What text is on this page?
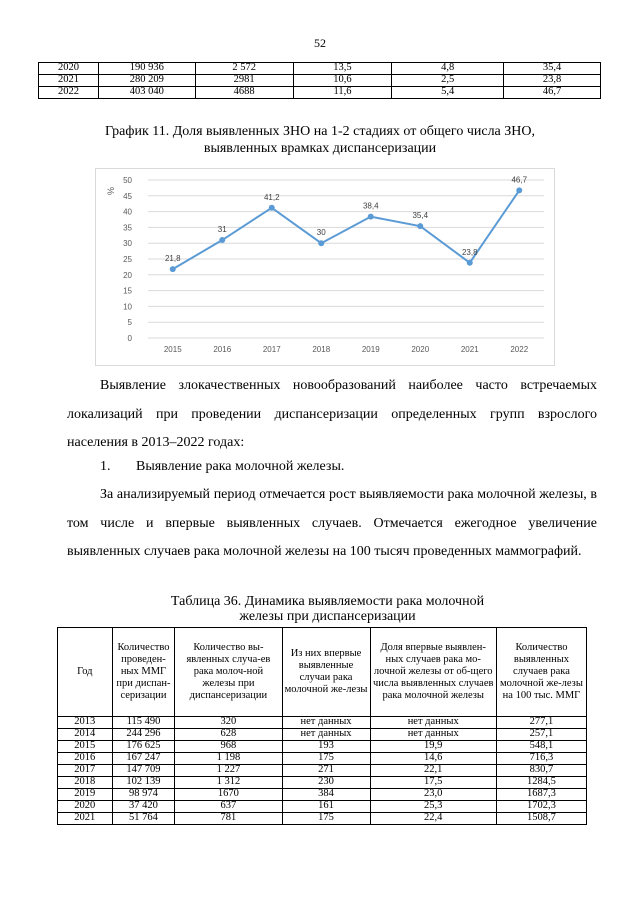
52
2020	190 936	2 572	13,5	4,8	35,4
2021	280 209	2981	10,6	2,5	23,8
2022	403 040	4688	11,6	5,4	46,7
График 11. Доля выявленных ЗНО на 1-2 стадиях от общего числа ЗНО,
выявленных врамках диспансеризации
0
5
10
15
20
25
30
35
40
45
50
%
2015	2016	2017	2018	2019	2020	2021	2022
21,8
31
41,2
30
38,4
35,4
23,8
46,7
Выявление злокачественных новообразований наиболее часто встречаемых локализаций при проведении диспансеризации определенных групп взрослого населения в 2013–2022 годах:
1. Выявление рака молочной железы.
За анализируемый период отмечается рост выявляемости рака молочной железы, в том числе и впервые выявленных случаев. Отмечается ежегодное увеличение выявленных случаев рака молочной железы на 100 тысяч проведенных маммографий.
Таблица 36. Динамика выявляемости рака молочной
железы при диспансеризации
Год	Количество проведен-ных ММГ при диспан-серизации	Количество вы-явленных случа-ев рака молоч-ной железы при диспансеризации	Из них впервые выявленные случаи рака молочной же-лезы	Доля впервые выявлен-ных случаев рака мо-лочной железы от об-щего числа выявленных случаев рака молочной железы	Количество выявленных случаев рака молочной же-лезы на 100 тыс. ММГ
2013	115 490	320	нет данных	нет данных	277,1
2014	244 296	628	нет данных	нет данных	257,1
2015	176 625	968	193	19,9	548,1
2016	167 247	1 198	175	14,6	716,3
2017	147 709	1 227	271	22,1	830,7
2018	102 139	1 312	230	17,5	1284,5
2019	98 974	1670	384	23,0	1687,3
2020	37 420	637	161	25,3	1702,3
2021	51 764	781	175	22,4	1508,7
